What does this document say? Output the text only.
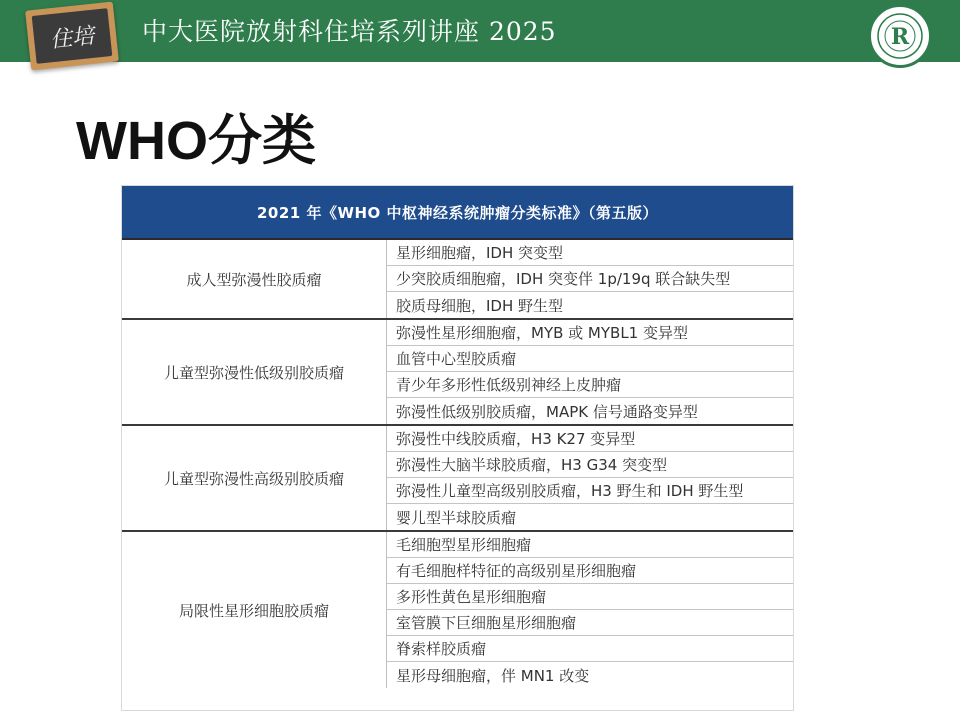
住培	中大医院放射科住培系列讲座 2025	R
WHO分类
2021 年《WHO 中枢神经系统肿瘤分类标准》（第五版）
成人型弥漫性胶质瘤
星形细胞瘤，IDH 突变型
少突胶质细胞瘤，IDH 突变伴 1p/19q 联合缺失型
胶质母细胞，IDH 野生型
儿童型弥漫性低级别胶质瘤
弥漫性星形细胞瘤，MYB 或 MYBL1 变异型
血管中心型胶质瘤
青少年多形性低级别神经上皮肿瘤
弥漫性低级别胶质瘤，MAPK 信号通路变异型
儿童型弥漫性高级别胶质瘤
弥漫性中线胶质瘤，H3 K27 变异型
弥漫性大脑半球胶质瘤，H3 G34 突变型
弥漫性儿童型高级别胶质瘤，H3 野生和 IDH 野生型
婴儿型半球胶质瘤
局限性星形细胞胶质瘤
毛细胞型星形细胞瘤
有毛细胞样特征的高级别星形细胞瘤
多形性黄色星形细胞瘤
室管膜下巨细胞星形细胞瘤
脊索样胶质瘤
星形母细胞瘤，伴 MN1 改变
